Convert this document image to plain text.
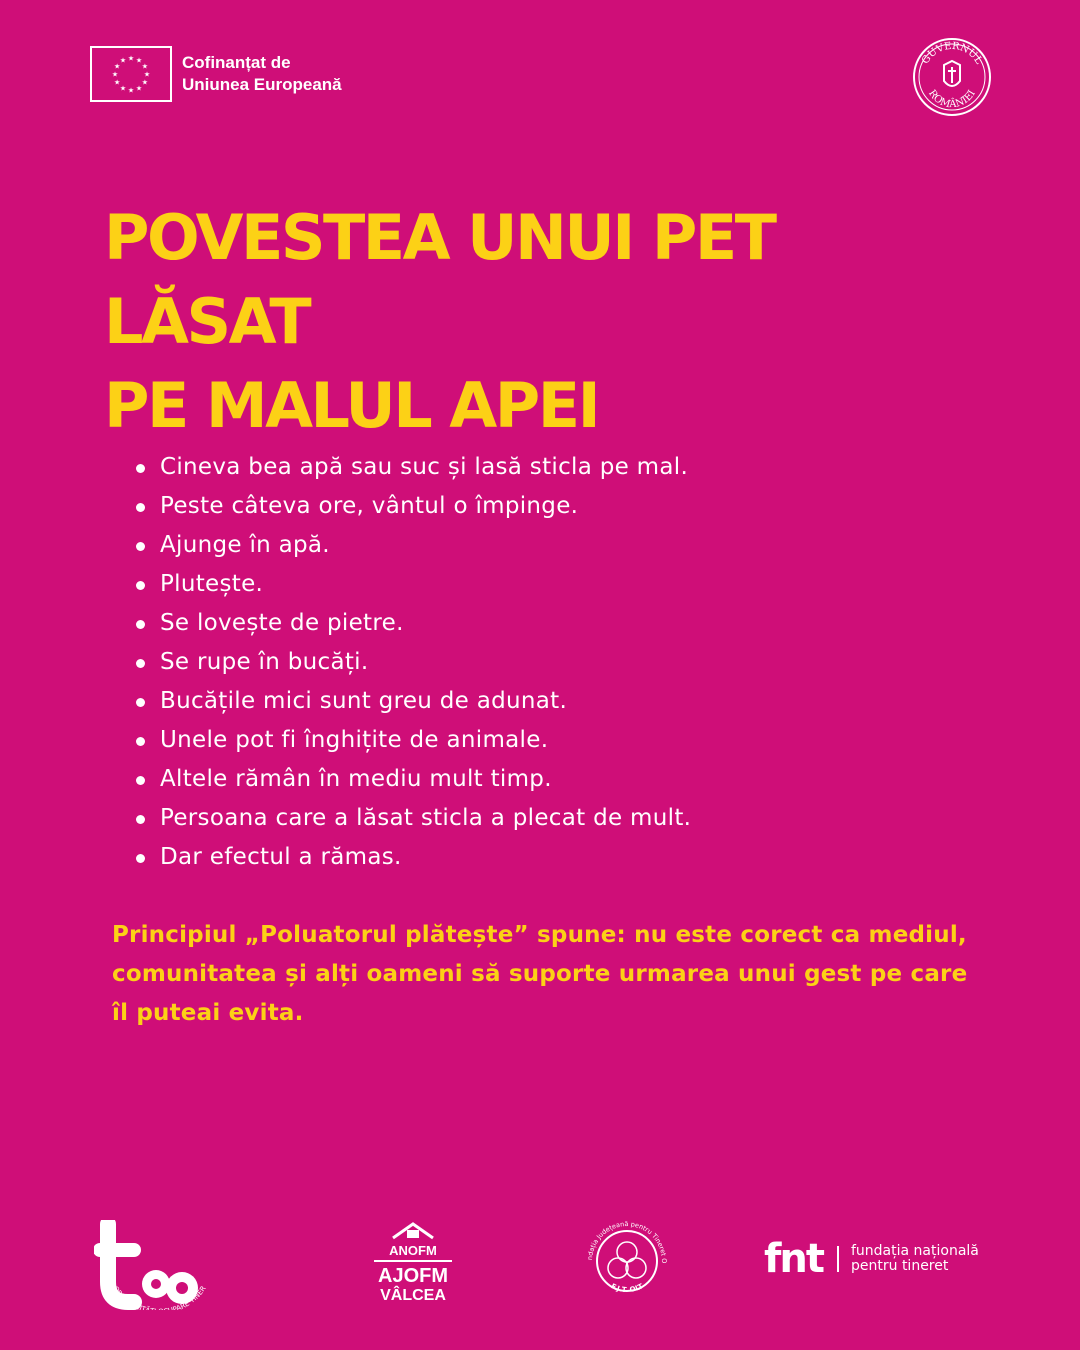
★ ★
★
★
★
★
★
★
★
★
★
★	Cofinanțat de
Uniunea Europeană
GUVERNUL
ROMÂNIEI
POVESTEA UNUI PET LĂSAT
PE MALUL APEI
Cineva bea apă sau suc și lasă sticla pe mal.
Peste câteva ore, vântul o împinge.
Ajunge în apă.
Plutește.
Se lovește de pietre.
Se rupe în bucăți.
Bucățile mici sunt greu de adunat.
Unele pot fi înghițite de animale.
Altele rămân în mediu mult timp.
Persoana care a lăsat sticla a plecat de mult.
Dar efectul a rămas.

Principiul „Poluatorul plătește” spune: nu este corect ca mediul, comunitatea și alți oameni să suporte urmarea unui gest pe care îl puteai evita.

OPORTUNIT PARE TINER
ANOFM
AJOFM
VÂLCEA
ndația Județeană pentru Tineret O
F.J.T. OLT
fnt fundația națională
pentru tineret
